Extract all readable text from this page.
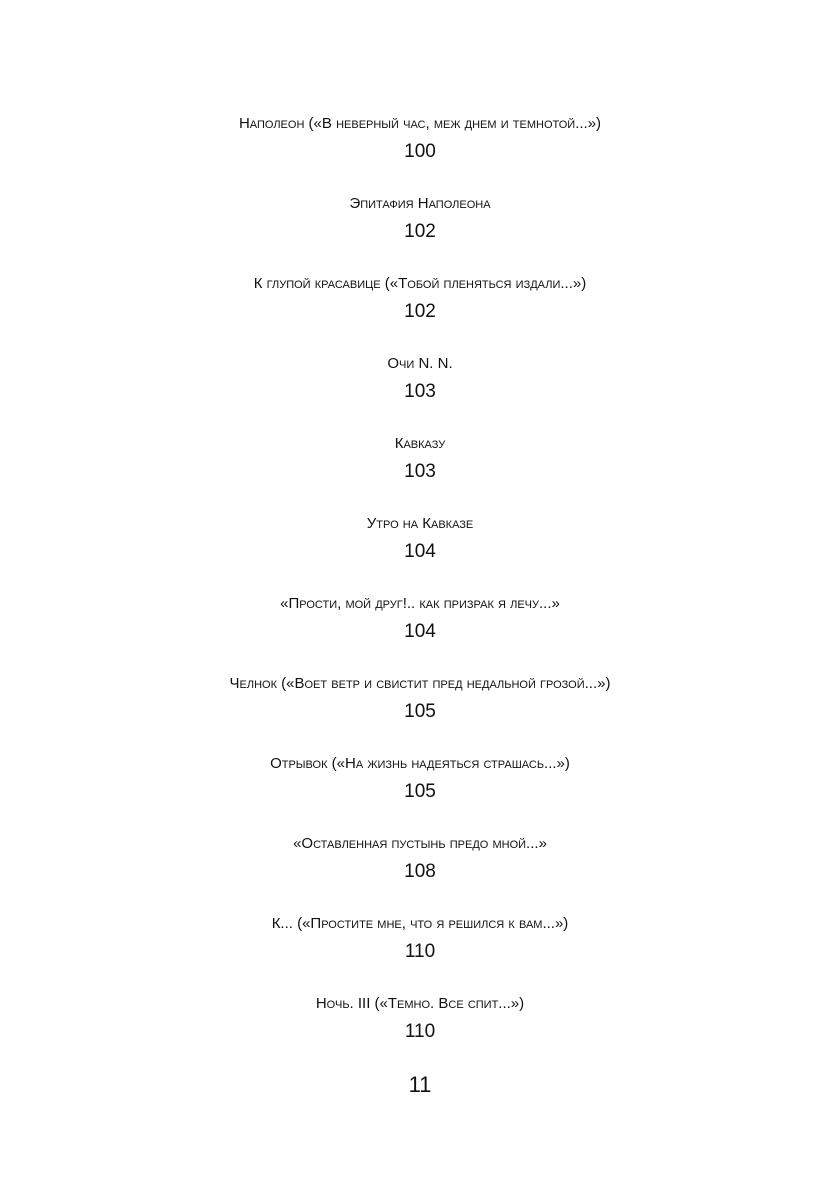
Наполеон («В неверный час, меж днем и темнотой...»)
100
Эпитафия Наполеона
102
К глупой красавице («Тобой пленяться издали...»)
102
Очи N. N.
103
Кавказу
103
Утро на Кавказе
104
«Прости, мой друг!.. как призрак я лечу...»
104
Челнок («Воет ветр и свистит пред недальной грозой...»)
105
Отрывок («На жизнь надеяться страшась...»)
105
«Оставленная пустынь предо мной...»
108
К... («Простите мне, что я решился к вам...»)
110
Ночь. III («Темно. Все спит...»)
110
11
